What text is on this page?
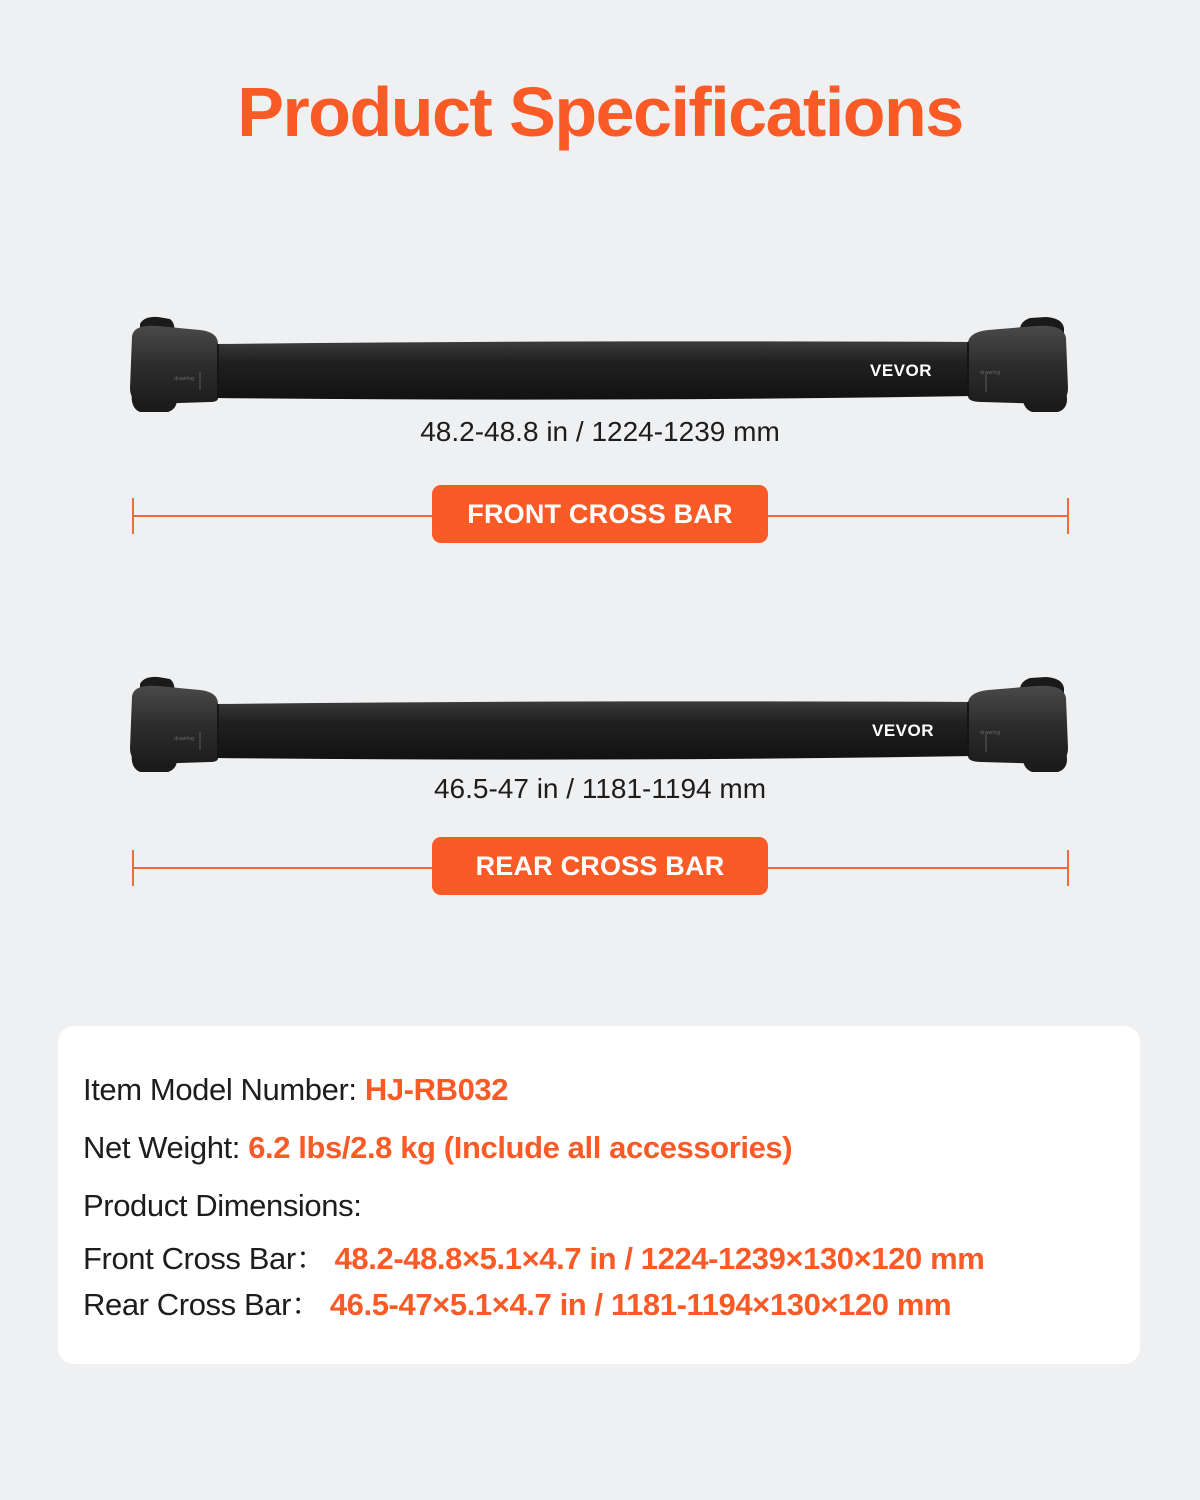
Product Specifications
drawing
drawing
VEVOR
48.2-48.8 in / 1224-1239 mm
FRONT CROSS BAR
drawing
drawing
VEVOR
46.5-47 in / 1181-1194 mm
REAR CROSS BAR
Item Model Number: HJ-RB032
Net Weight: 6.2 lbs/2.8 kg (Include all accessories)
Product Dimensions:
Front Cross Bar： 48.2-48.8×5.1×4.7 in / 1224-1239×130×120 mm
Rear Cross Bar： 46.5-47×5.1×4.7 in / 1181-1194×130×120 mm
